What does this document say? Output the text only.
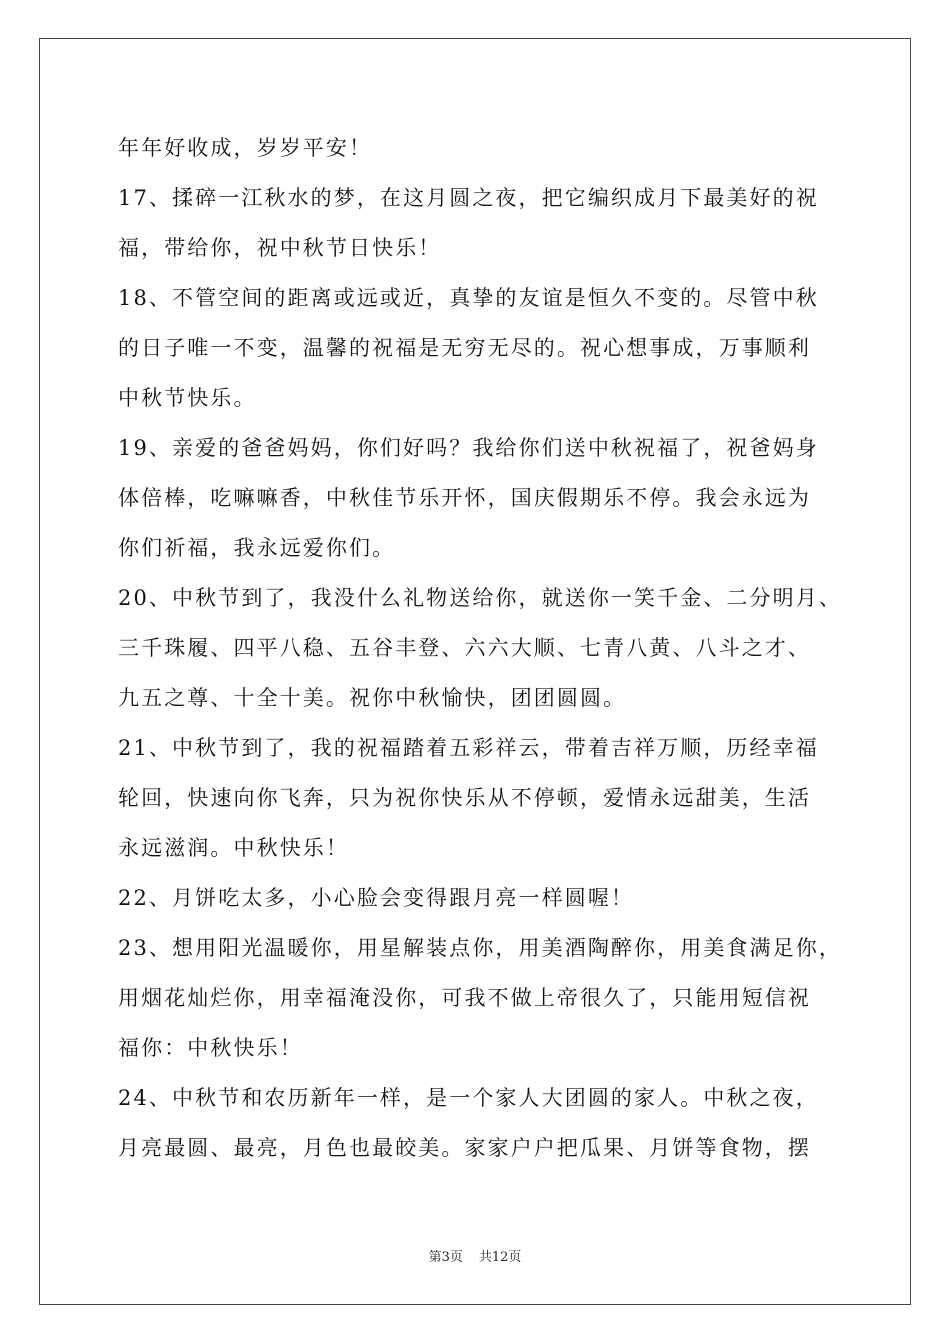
年年好收成，岁岁平安！
17、揉碎一江秋水的梦，在这月圆之夜，把它编织成月下最美好的祝
福，带给你，祝中秋节日快乐！
18、不管空间的距离或远或近，真挚的友谊是恒久不变的。尽管中秋
的日子唯一不变，温馨的祝福是无穷无尽的。祝心想事成，万事顺利
中秋节快乐。
19、亲爱的爸爸妈妈，你们好吗？我给你们送中秋祝福了，祝爸妈身
体倍棒，吃嘛嘛香，中秋佳节乐开怀，国庆假期乐不停。我会永远为
你们祈福，我永远爱你们。
20、中秋节到了，我没什么礼物送给你，就送你一笑千金、二分明月、
三千珠履、四平八稳、五谷丰登、六六大顺、七青八黄、八斗之才、
九五之尊、十全十美。祝你中秋愉快，团团圆圆。
21、中秋节到了，我的祝福踏着五彩祥云，带着吉祥万顺，历经幸福
轮回，快速向你飞奔，只为祝你快乐从不停顿，爱情永远甜美，生活
永远滋润。中秋快乐！
22、月饼吃太多，小心脸会变得跟月亮一样圆喔！
23、想用阳光温暖你，用星解装点你，用美酒陶醉你，用美食满足你，
用烟花灿烂你，用幸福淹没你，可我不做上帝很久了，只能用短信祝
福你：中秋快乐！
24、中秋节和农历新年一样，是一个家人大团圆的家人。中秋之夜，
月亮最圆、最亮，月色也最皎美。家家户户把瓜果、月饼等食物，摆
第3页 共12页
